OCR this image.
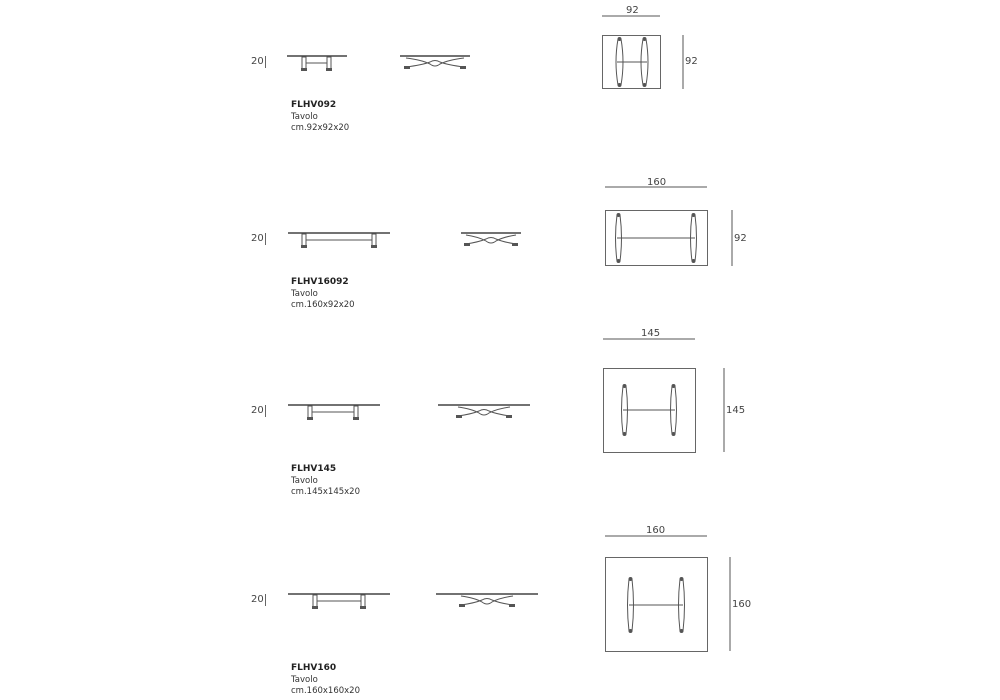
20
92
92
FLHV092
Tavolo
cm.92x92x20
20
160
92
FLHV16092
Tavolo
cm.160x92x20
20
145
145
FLHV145
Tavolo
cm.145x145x20
20
160
160
FLHV160
Tavolo
cm.160x160x20
